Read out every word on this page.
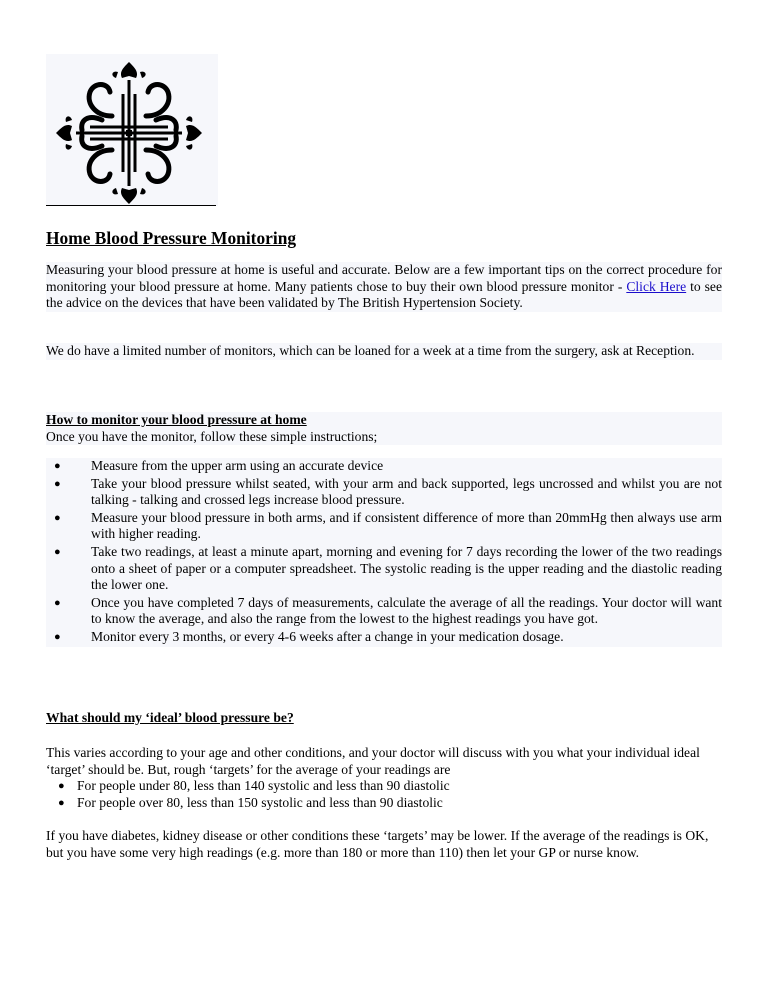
Home Blood Pressure Monitoring
Measuring your blood pressure at home is useful and accurate. Below are a few important tips on the correct procedure for monitoring your blood pressure at home. Many patients chose to buy their own blood pressure monitor - Click Here to see the advice on the devices that have been validated by The British Hypertension Society.
We do have a limited number of monitors, which can be loaned for a week at a time from the surgery, ask at Reception.
How to monitor your blood pressure at home
Once you have the monitor, follow these simple instructions;
● Measure from the upper arm using an accurate device
● Take your blood pressure whilst seated, with your arm and back supported, legs uncrossed and whilst you are not talking - talking and crossed legs increase blood pressure.
● Measure your blood pressure in both arms, and if consistent difference of more than 20mmHg then always use arm with higher reading.
● Take two readings, at least a minute apart, morning and evening for 7 days recording the lower of the two readings onto a sheet of paper or a computer spreadsheet. The systolic reading is the upper reading and the diastolic reading the lower one.
● Once you have completed 7 days of measurements, calculate the average of all the readings. Your doctor will want to know the average, and also the range from the lowest to the highest readings you have got.
● Monitor every 3 months, or every 4-6 weeks after a change in your medication dosage.
What should my ‘ideal’ blood pressure be?
This varies according to your age and other conditions, and your doctor will discuss with you what your individual ideal ‘target’ should be. But, rough ‘targets’ for the average of your readings are
● For people under 80, less than 140 systolic and less than 90 diastolic
● For people over 80, less than 150 systolic and less than 90 diastolic
If you have diabetes, kidney disease or other conditions these ‘targets’ may be lower. If the average of the readings is OK, but you have some very high readings (e.g. more than 180 or more than 110) then let your GP or nurse know.
